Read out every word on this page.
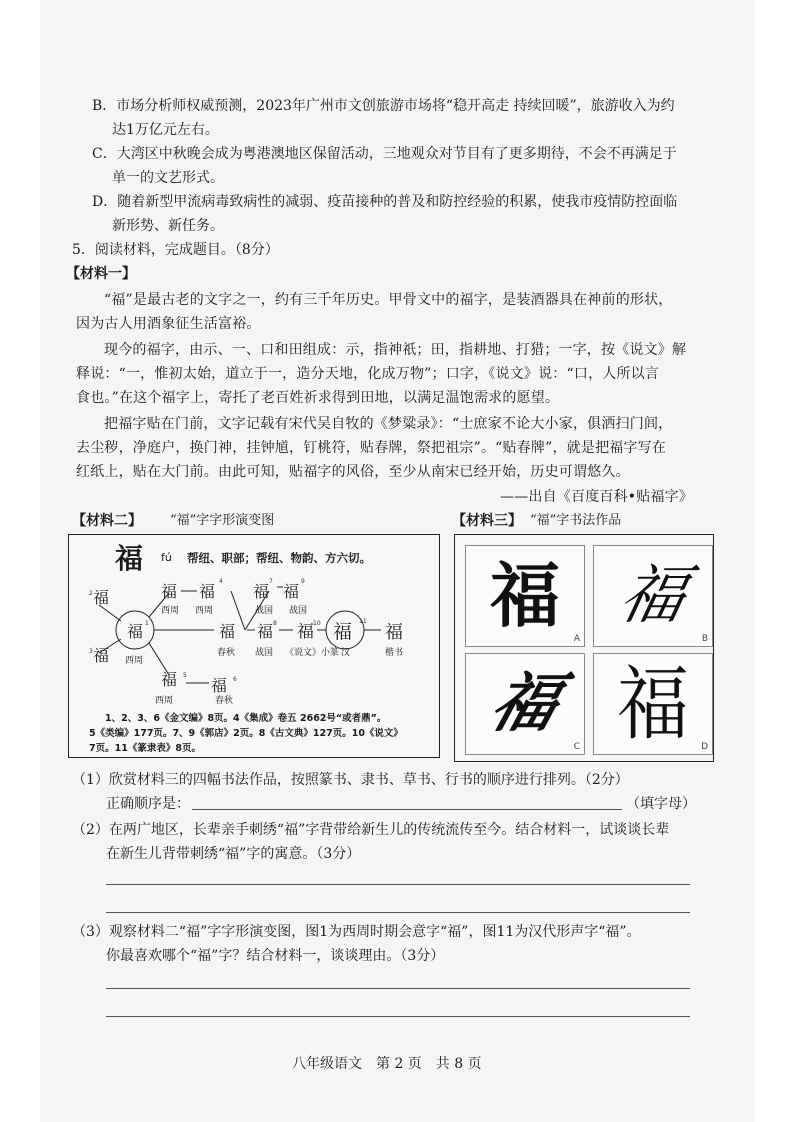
B．市场分析师权威预测，2023年广州市文创旅游市场将“稳开高走 持续回暖”，旅游收入为约
达1万亿元左右。
C．大湾区中秋晚会成为粤港澳地区保留活动，三地观众对节目有了更多期待，不会不再满足于
单一的文艺形式。
D．随着新型甲流病毒致病性的减弱、疫苗接种的普及和防控经验的积累，使我市疫情防控面临
新形势、新任务。
5．阅读材料，完成题目。（8分）
【材料一】
“福”是最古老的文字之一，约有三千年历史。甲骨文中的福字，是装酒器具在神前的形状，
因为古人用酒象征生活富裕。
现今的福字，由示、一、口和田组成：示，指神祇；田，指耕地、打猎；一字，按《说文》解
释说：“一，惟初太始，道立于一，造分天地，化成万物”；口字，《说文》说：“口，人所以言
食也。”在这个福字上，寄托了老百姓祈求得到田地，以满足温饱需求的愿望。
把福字贴在门前，文字记载有宋代吴自牧的《梦粱录》：“士庶家不论大小家，俱洒扫门闾，
去尘秽，净庭户，换门神，挂钟馗，钉桃符，贴春牌，祭把祖宗”。“贴春牌”，就是把福字写在
红纸上，贴在大门前。由此可知，贴福字的风俗，至少从南宋已经开始，历史可谓悠久。
——出自《百度百科•贴福字》
【材料二】 “福”字字形演变图	【材料三】 “福”字书法作品
福 fú 帮纽、职部；帮纽、物韵、方六切。
福
福
福
福 福
福
福
福
福 福
福 福 福 福
2
3
1
4
5
6
7
8
9
10	11
西周 西周	战国 战国
西周
春秋 战国 《说文》小篆 汉	楷书
西周	春秋
1、2、3、6《金文编》8页。4《集成》卷五 2662号“或者鼎”。
5《类编》177页。7、9《郭店》2页。8《古文典》127页。10《说文》
7页。11《篆隶表》8页。
福
A
福
B
福
C 福	D
（1）欣赏材料三的四幅书法作品，按照篆书、隶书、草书、行书的顺序进行排列。（2分）
正确顺序是：	（填字母）
（2）在两广地区，长辈亲手刺绣“福”字背带给新生儿的传统流传至今。结合材料一，试谈谈长辈
在新生儿背带刺绣“福”字的寓意。（3分）
（3）观察材料二“福”字字形演变图，图1为西周时期会意字“福”，图11为汉代形声字“福”。
你最喜欢哪个“福”字？结合材料一，谈谈理由。（3分）
八年级语文　第 2 页　共 8 页
